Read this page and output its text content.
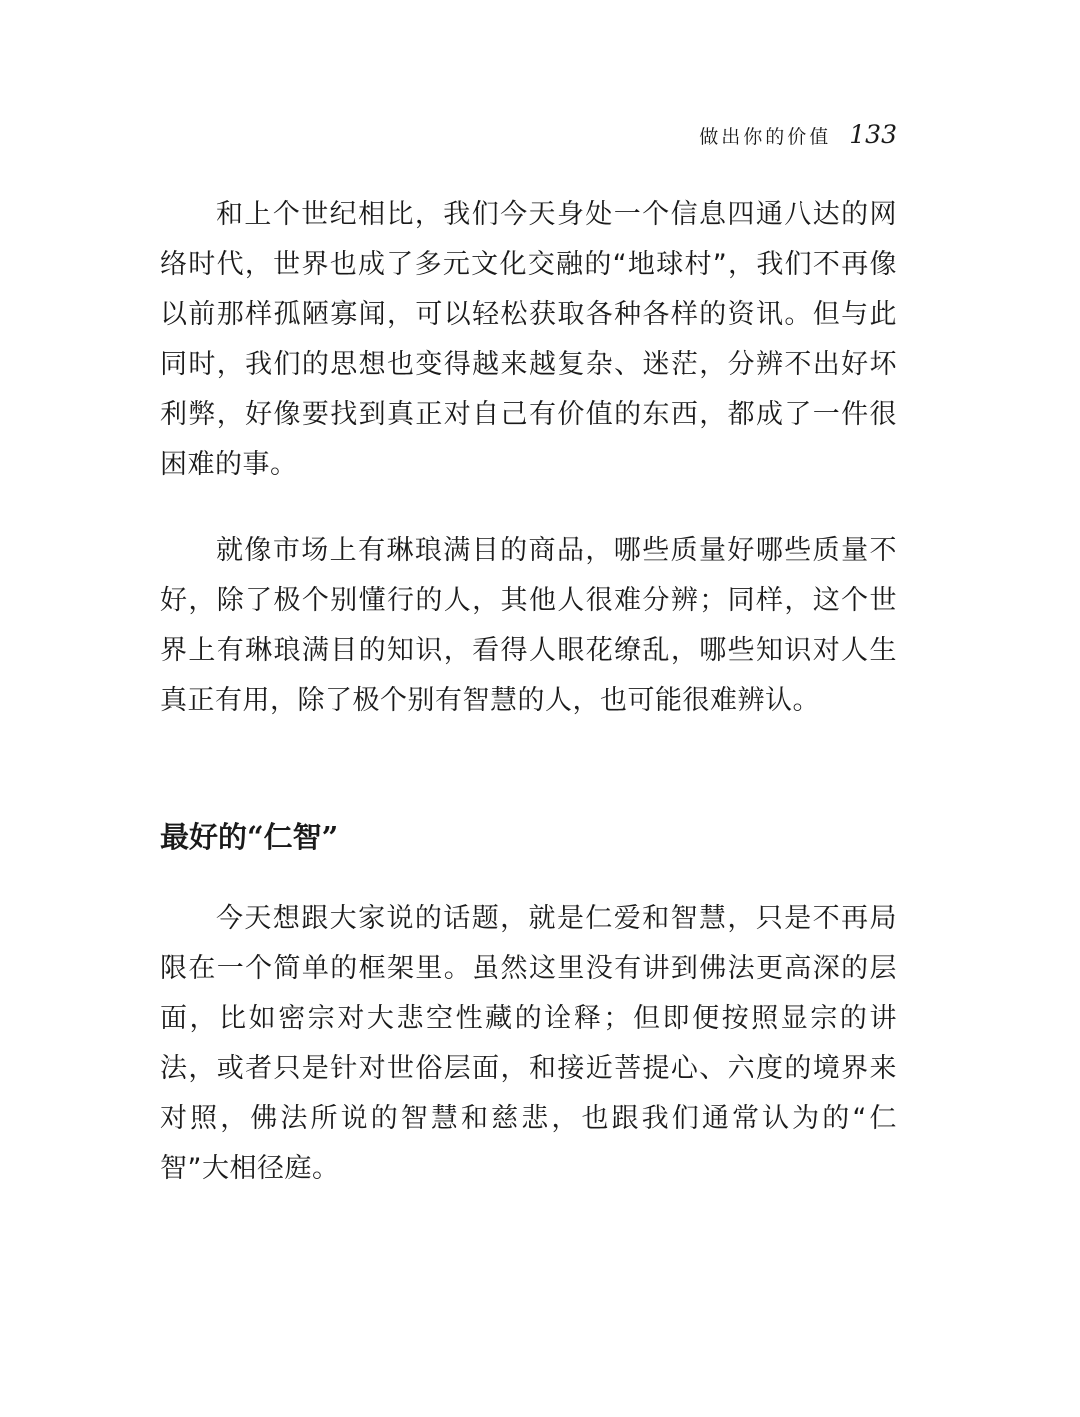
做出你的价值 133

和上个世纪相比，我们今天身处一个信息四通八达的网络时代，世界也成了多元文化交融的“地球村”，我们不再像以前那样孤陋寡闻，可以轻松获取各种各样的资讯。但与此同时，我们的思想也变得越来越复杂、迷茫，分辨不出好坏利弊，好像要找到真正对自己有价值的东西，都成了一件很困难的事。

就像市场上有琳琅满目的商品，哪些质量好哪些质量不好，除了极个别懂行的人，其他人很难分辨；同样，这个世界上有琳琅满目的知识，看得人眼花缭乱，哪些知识对人生真正有用，除了极个别有智慧的人，也可能很难辨认。

最好的“仁智”

今天想跟大家说的话题，就是仁爱和智慧，只是不再局限在一个简单的框架里。虽然这里没有讲到佛法更高深的层面，比如密宗对大悲空性藏的诠释；但即便按照显宗的讲法，或者只是针对世俗层面，和接近菩提心、六度的境界来对照，佛法所说的智慧和慈悲，也跟我们通常认为的“仁智”大相径庭。
